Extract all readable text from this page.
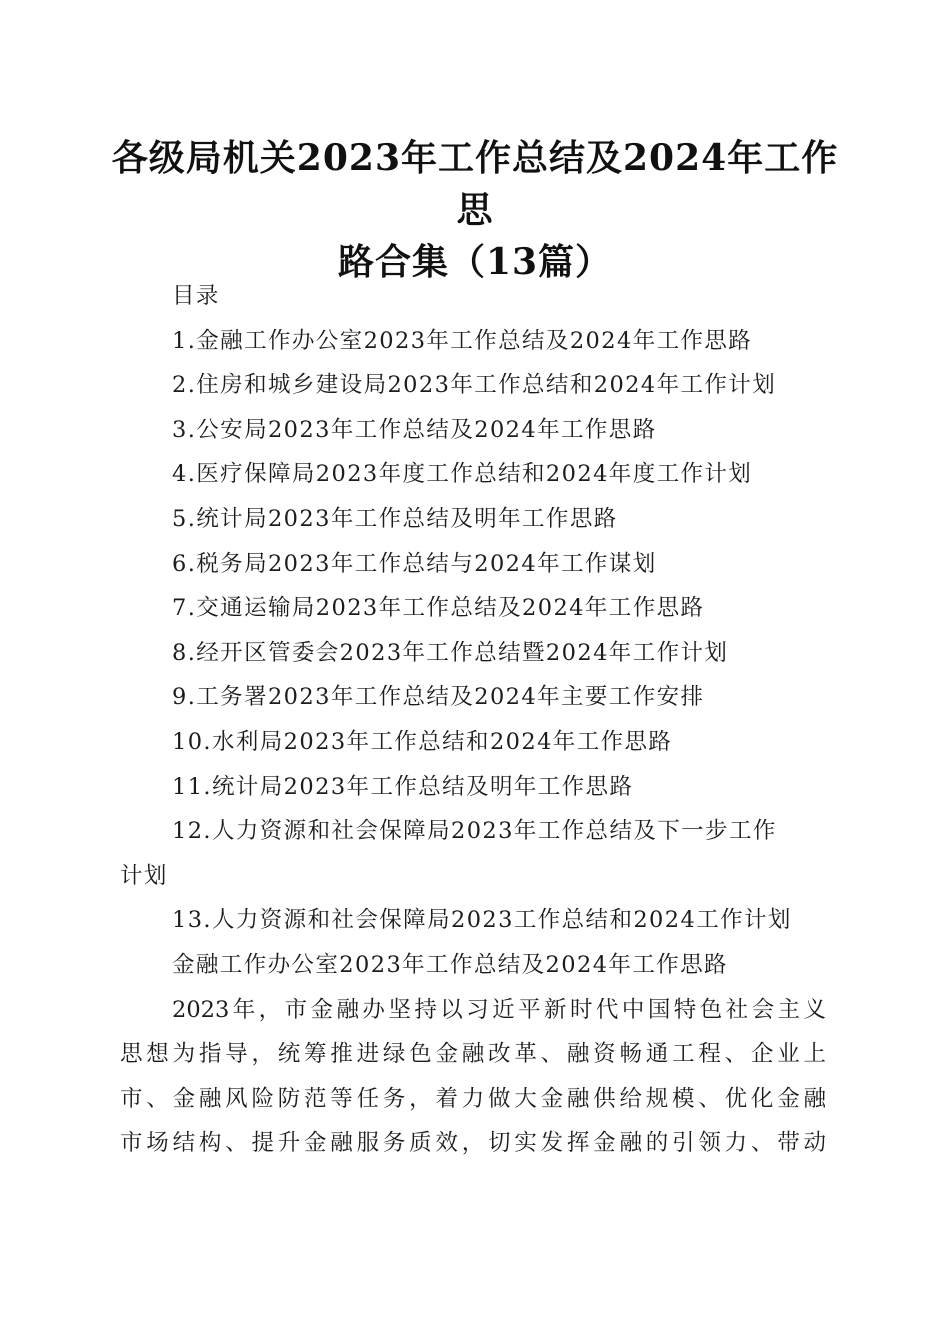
各级局机关2023年工作总结及2024年工作思
路合集（13篇）
目录
1.金融工作办公室2023年工作总结及2024年工作思路
2.住房和城乡建设局2023年工作总结和2024年工作计划
3.公安局2023年工作总结及2024年工作思路
4.医疗保障局2023年度工作总结和2024年度工作计划
5.统计局2023年工作总结及明年工作思路
6.税务局2023年工作总结与2024年工作谋划
7.交通运输局2023年工作总结及2024年工作思路
8.经开区管委会2023年工作总结暨2024年工作计划
9.工务署2023年工作总结及2024年主要工作安排
10.水利局2023年工作总结和2024年工作思路
11.统计局2023年工作总结及明年工作思路
12.人力资源和社会保障局2023年工作总结及下一步工作
计划
13.人力资源和社会保障局2023工作总结和2024工作计划
金融工作办公室2023年工作总结及2024年工作思路
2023年，市金融办坚持以习近平新时代中国特色社会主义
思想为指导，统筹推进绿色金融改革、融资畅通工程、企业上
市、金融风险防范等任务，着力做大金融供给规模、优化金融
市场结构、提升金融服务质效，切实发挥金融的引领力、带动
